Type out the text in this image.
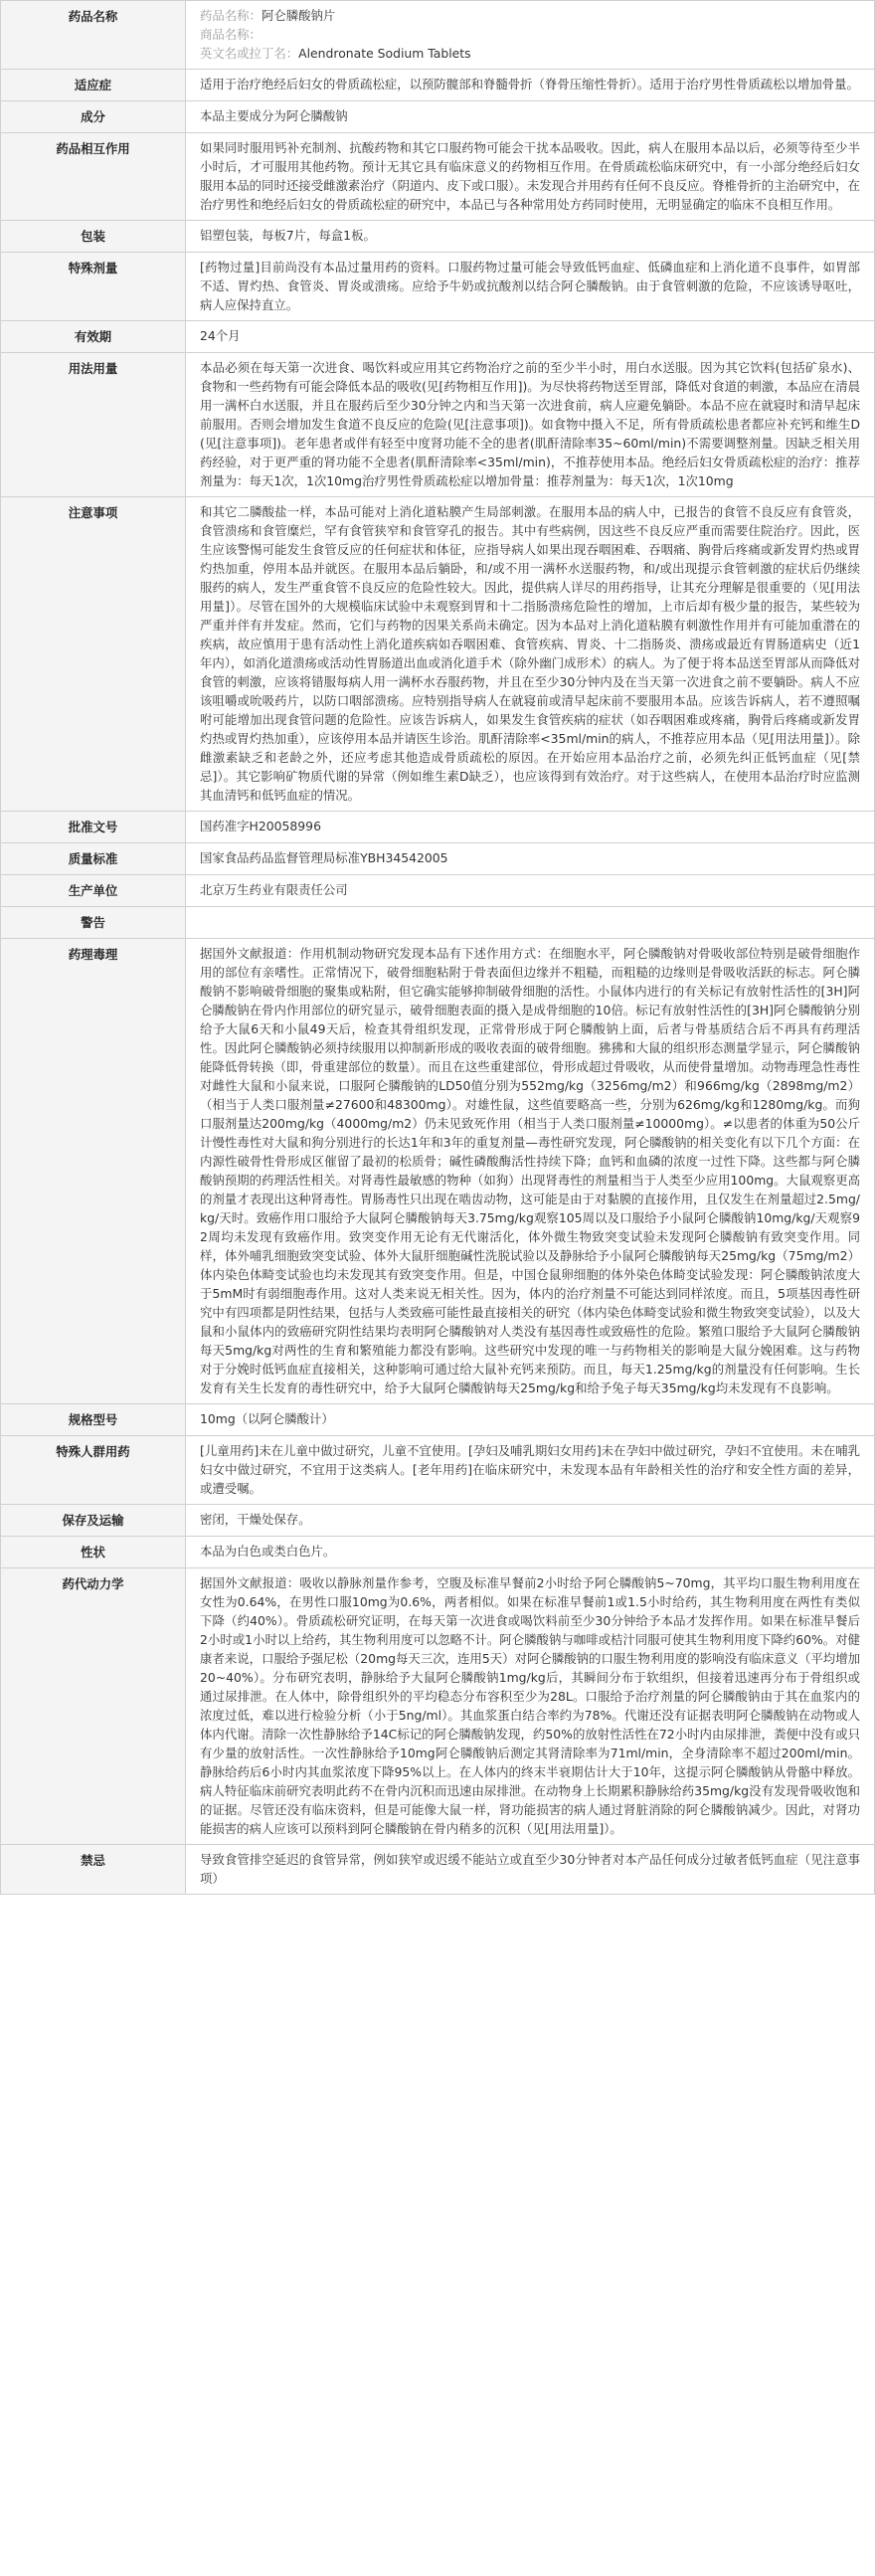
药品名称	药品名称：阿仑膦酸钠片
商品名称：
英文名或拉丁名：Alendronate Sodium Tablets

适应症	适用于治疗绝经后妇女的骨质疏松症，以预防髋部和脊髓骨折（脊骨压缩性骨折）。适用于治疗男性骨质疏松以增加骨量。
成分	本品主要成分为阿仑膦酸钠
药品相互作用	如果同时服用钙补充制剂、抗酸药物和其它口服药物可能会干扰本品吸收。因此，病人在服用本品以后，必须等待至少半小时后，才可服用其他药物。预计无其它具有临床意义的药物相互作用。在骨质疏松临床研究中，有一小部分绝经后妇女服用本品的同时还接受雌激素治疗（阴道内、皮下或口服）。未发现合并用药有任何不良反应。脊椎骨折的主治研究中，在治疗男性和绝经后妇女的骨质疏松症的研究中，本品已与各种常用处方药同时使用，无明显确定的临床不良相互作用。
包装	铝塑包装，每板7片，每盒1板。
特殊剂量	[药物过量]目前尚没有本品过量用药的资料。口服药物过量可能会导致低钙血症、低磷血症和上消化道不良事件，如胃部不适、胃灼热、食管炎、胃炎或溃疡。应给予牛奶或抗酸剂以结合阿仑膦酸钠。由于食管刺激的危险，不应该诱导呕吐，病人应保持直立。
有效期	24个月
用法用量	本品必须在每天第一次进食、喝饮料或应用其它药物治疗之前的至少半小时，用白水送服。因为其它饮料(包括矿泉水)、食物和一些药物有可能会降低本品的吸收(见[药物相互作用])。为尽快将药物送至胃部，降低对食道的刺激，本品应在清晨用一满杯白水送服，并且在服药后至少30分钟之内和当天第一次进食前，病人应避免躺卧。本品不应在就寝时和清早起床前服用。否则会增加发生食道不良反应的危险(见[注意事项])。如食物中摄入不足，所有骨质疏松患者都应补充钙和维生D(见[注意事项])。老年患者或伴有轻至中度肾功能不全的患者(肌酐清除率35~60ml/min)不需要调整剂量。因缺乏相关用药经验，对于更严重的肾功能不全患者(肌酐清除率<35ml/min)，不推荐使用本品。绝经后妇女骨质疏松症的治疗：推荐剂量为：每天1次，1次10mg治疗男性骨质疏松症以增加骨量：推荐剂量为：每天1次，1次10mg
注意事项	和其它二膦酸盐一样，本品可能对上消化道粘膜产生局部刺激。在服用本品的病人中，已报告的食管不良反应有食管炎，食管溃疡和食管糜烂，罕有食管狭窄和食管穿孔的报告。其中有些病例，因这些不良反应严重而需要住院治疗。因此，医生应该警惕可能发生食管反应的任何症状和体征，应指导病人如果出现吞咽困难、吞咽痛、胸骨后疼痛或新发胃灼热或胃灼热加重，停用本品并就医。在服用本品后躺卧，和/或不用一满杯水送服药物，和/或出现提示食管刺激的症状后仍继续服药的病人，发生严重食管不良反应的危险性较大。因此，提供病人详尽的用药指导，让其充分理解是很重要的（见[用法用量]）。尽管在国外的大规模临床试验中未观察到胃和十二指肠溃疡危险性的增加，上市后却有极少量的报告，某些较为严重并伴有并发症。然而，它们与药物的因果关系尚未确定。因为本品对上消化道粘膜有刺激性作用并有可能加重潜在的疾病，故应慎用于患有活动性上消化道疾病如吞咽困难、食管疾病、胃炎、十二指肠炎、溃疡或最近有胃肠道病史（近1年内），如消化道溃疡或活动性胃肠道出血或消化道手术（除外幽门成形术）的病人。为了便于将本品送至胃部从而降低对食管的刺激，应该将错服每病人用一满杯水吞服药物，并且在至少30分钟内及在当天第一次进食之前不要躺卧。病人不应该咀嚼或吮吸药片，以防口咽部溃疡。应特别指导病人在就寝前或清早起床前不要服用本品。应该告诉病人，若不遵照嘱咐可能增加出现食管问题的危险性。应该告诉病人，如果发生食管疾病的症状（如吞咽困难或疼痛，胸骨后疼痛或新发胃灼热或胃灼热加重），应该停用本品并请医生诊治。肌酐清除率<35ml/min的病人，不推荐应用本品（见[用法用量]）。除雌激素缺乏和老龄之外，还应考虑其他造成骨质疏松的原因。在开始应用本品治疗之前，必须先纠正低钙血症（见[禁忌]）。其它影响矿物质代谢的异常（例如维生素D缺乏），也应该得到有效治疗。对于这些病人，在使用本品治疗时应监测其血清钙和低钙血症的情况。
批准文号	国药准字H20058996
质量标准	国家食品药品监督管理局标准YBH34542005
生产单位	北京万生药业有限责任公司
警告	
药理毒理	据国外文献报道：作用机制动物研究发现本品有下述作用方式：在细胞水平，阿仑膦酸钠对骨吸收部位特别是破骨细胞作用的部位有亲嗜性。正常情况下，破骨细胞粘附于骨表面但边缘并不粗糙，而粗糙的边缘则是骨吸收活跃的标志。阿仑膦酸钠不影响破骨细胞的聚集或粘附，但它确实能够抑制破骨细胞的活性。小鼠体内进行的有关标记有放射性活性的[3H]阿仑膦酸钠在骨内作用部位的研究显示，破骨细胞表面的摄入是成骨细胞的10倍。标记有放射性活性的[3H]阿仑膦酸钠分别给予大鼠6天和小鼠49天后，检查其骨组织发现，正常骨形成于阿仑膦酸钠上面，后者与骨基质结合后不再具有药理活性。因此阿仑膦酸钠必须持续服用以抑制新形成的吸收表面的破骨细胞。狒狒和大鼠的组织形态测量学显示，阿仑膦酸钠能降低骨转换（即，骨重建部位的数量）。而且在这些重建部位，骨形成超过骨吸收，从而使骨量增加。动物毒理急性毒性对雌性大鼠和小鼠来说，口服阿仑膦酸钠的LD50值分别为552mg/kg（3256mg/m2）和966mg/kg（2898mg/m2）（相当于人类口服剂量≠27600和48300mg）。对雄性鼠，这些值要略高一些，分别为626mg/kg和1280mg/kg。而狗口服剂量达200mg/kg（4000mg/m2）仍未见致死作用（相当于人类口服剂量≠10000mg）。≠以患者的体重为50公斤计慢性毒性对大鼠和狗分别进行的长达1年和3年的重复剂量—毒性研究发现，阿仑膦酸钠的相关变化有以下几个方面：在内源性破骨性骨形成区催留了最初的松质骨；碱性磷酸酶活性持续下降；血钙和血磷的浓度一过性下降。这些都与阿仑膦酸钠预期的药理活性相关。对肾毒性最敏感的物种（如狗）出现肾毒性的剂量相当于人类至少应用100mg。大鼠观察更高的剂量才表现出这种肾毒性。胃肠毒性只出现在啮齿动物，这可能是由于对黏膜的直接作用，且仅发生在剂量超过2.5mg/kg/天时。致癌作用口服给予大鼠阿仑膦酸钠每天3.75mg/kg观察105周以及口服给予小鼠阿仑膦酸钠10mg/kg/天观察92周均未发现有致癌作用。致突变作用无论有无代谢活化，体外微生物致突变试验未发现阿仑膦酸钠有致突变作用。同样，体外哺乳细胞致突变试验、体外大鼠肝细胞碱性洗脱试验以及静脉给予小鼠阿仑膦酸钠每天25mg/kg（75mg/m2）体内染色体畸变试验也均未发现其有致突变作用。但是，中国仓鼠卵细胞的体外染色体畸变试验发现：阿仑膦酸钠浓度大于5mM时有弱细胞毒作用。这对人类来说无相关性。因为，体内的治疗剂量不可能达到同样浓度。而且，5项基因毒性研究中有四项都是阴性结果，包括与人类致癌可能性最直接相关的研究（体内染色体畸变试验和微生物致突变试验），以及大鼠和小鼠体内的致癌研究阴性结果均表明阿仑膦酸钠对人类没有基因毒性或致癌性的危险。繁殖口服给予大鼠阿仑膦酸钠每天5mg/kg对两性的生育和繁殖能力都没有影响。这些研究中发现的唯一与药物相关的影响是大鼠分娩困难。这与药物对于分娩时低钙血症直接相关，这种影响可通过给大鼠补充钙来预防。而且，每天1.25mg/kg的剂量没有任何影响。生长发育有关生长发育的毒性研究中，给予大鼠阿仑膦酸钠每天25mg/kg和给予兔子每天35mg/kg均未发现有不良影响。
规格型号	10mg（以阿仑膦酸计）
特殊人群用药	[儿童用药]未在儿童中做过研究，儿童不宜使用。[孕妇及哺乳期妇女用药]未在孕妇中做过研究，孕妇不宜使用。未在哺乳妇女中做过研究，不宜用于这类病人。[老年用药]在临床研究中，未发现本品有年龄相关性的治疗和安全性方面的差异，或遭受嘱。
保存及运输	密闭，干燥处保存。
性状	本品为白色或类白色片。
药代动力学	据国外文献报道：吸收以静脉剂量作参考，空腹及标准早餐前2小时给予阿仑膦酸钠5~70mg，其平均口服生物利用度在女性为0.64%，在男性口服10mg为0.6%，两者相似。如果在标准早餐前1或1.5小时给药，其生物利用度在两性有类似下降（约40%）。骨质疏松研究证明，在每天第一次进食或喝饮料前至少30分钟给予本品才发挥作用。如果在标准早餐后2小时或1小时以上给药，其生物利用度可以忽略不计。阿仑膦酸钠与咖啡或桔汁同服可使其生物利用度下降约60%。对健康者来说，口服给予强尼松（20mg每天三次，连用5天）对阿仑膦酸钠的口服生物利用度的影响没有临床意义（平均增加20~40%）。分布研究表明，静脉给予大鼠阿仑膦酸钠1mg/kg后，其瞬间分布于软组织，但接着迅速再分布于骨组织或通过尿排泄。在人体中，除骨组织外的平均稳态分布容积至少为28L。口服给予治疗剂量的阿仑膦酸钠由于其在血浆内的浓度过低，难以进行检验分析（小于5ng/ml）。其血浆蛋白结合率约为78%。代谢还没有证据表明阿仑膦酸钠在动物或人体内代谢。清除一次性静脉给予14C标记的阿仑膦酸钠发现，约50%的放射性活性在72小时内由尿排泄，粪便中没有或只有少量的放射活性。一次性静脉给予10mg阿仑膦酸钠后测定其肾清除率为71ml/min，全身清除率不超过200ml/min。静脉给药后6小时内其血浆浓度下降95%以上。在人体内的终末半衰期估计大于10年，这提示阿仑膦酸钠从骨骼中释放。病人特征临床前研究表明此药不在骨内沉积而迅速由尿排泄。在动物身上长期累积静脉给药35mg/kg没有发现骨吸收饱和的证据。尽管还没有临床资料，但是可能像大鼠一样，肾功能损害的病人通过肾脏消除的阿仑膦酸钠减少。因此，对肾功能损害的病人应该可以预料到阿仑膦酸钠在骨内稍多的沉积（见[用法用量]）。
禁忌	导致食管排空延迟的食管异常，例如狭窄或迟缓不能站立或直至少30分钟者对本产品任何成分过敏者低钙血症（见注意事项）
